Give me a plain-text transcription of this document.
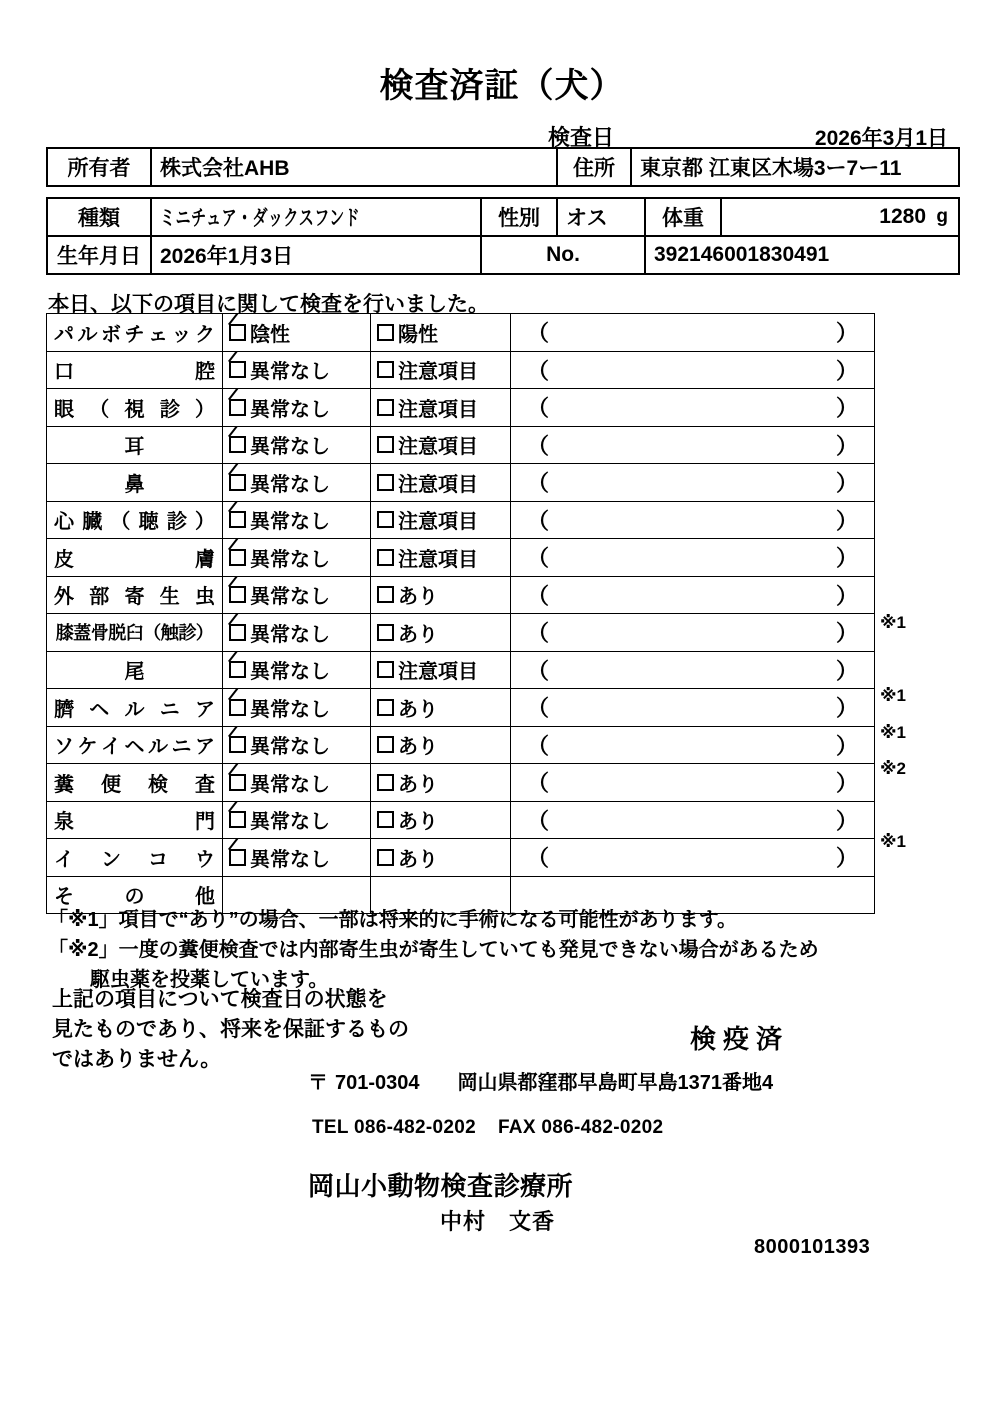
検査済証（犬）
検査日	2026年3月1日
所有者	株式会社AHB	住所	東京都 江東区木場3ー7ー11
種類	ミニチュア・ダックスフンド	性別	オス	体重	1280 g

生年月日	2026年1月3日	No.		392146001830491	
本日、以下の項目に関して検査を行いました。
パ ル ボ チ ェ ッ ク	陰性	陽性	（	）

口 腔	異常なし	注意項目	（ ）

眼 （ 視 診 ）	異常なし	注意項目	（ ）

耳	異常なし	注意項目	（ ）

鼻	異常なし	注意項目	（ ）

心 臓 （ 聴 診 ）	異常なし	注意項目	（	）

皮 膚	異常なし	注意項目	（ ）

外 部 寄 生 虫	異常なし	あり	（ ）

膝蓋骨脱臼（触診）	異常なし	あり	（ ）

尾	異常なし	注意項目	（ ）

臍 ヘ ル ニ ア	異常なし	あり	（ ）

ソ ケ イ ヘ ル ニ ア	異常なし	あり	（	）

糞 便 検 査	異常なし	あり	（ ）

泉 門	異常なし	あり	（ ）

イ ン コ ウ	異常なし	あり	（ ）

そ の 他			

※1
※1
※1
※2
※1
「※1」項目で“あり”の場合、一部は将来的に手術になる可能性があります。
「※2」一度の糞便検査では内部寄生虫が寄生していても発見できない場合があるため
駆虫薬を投薬しています。
上記の項目について検査日の状態を
見たものであり、将来を保証するもの
ではありません。
検疫済
〒 701-0304 岡山県都窪郡早島町早島1371番地4
TEL 086-482-0202 FAX 086-482-0202
岡山小動物検査診療所
中村　文香
8000101393
